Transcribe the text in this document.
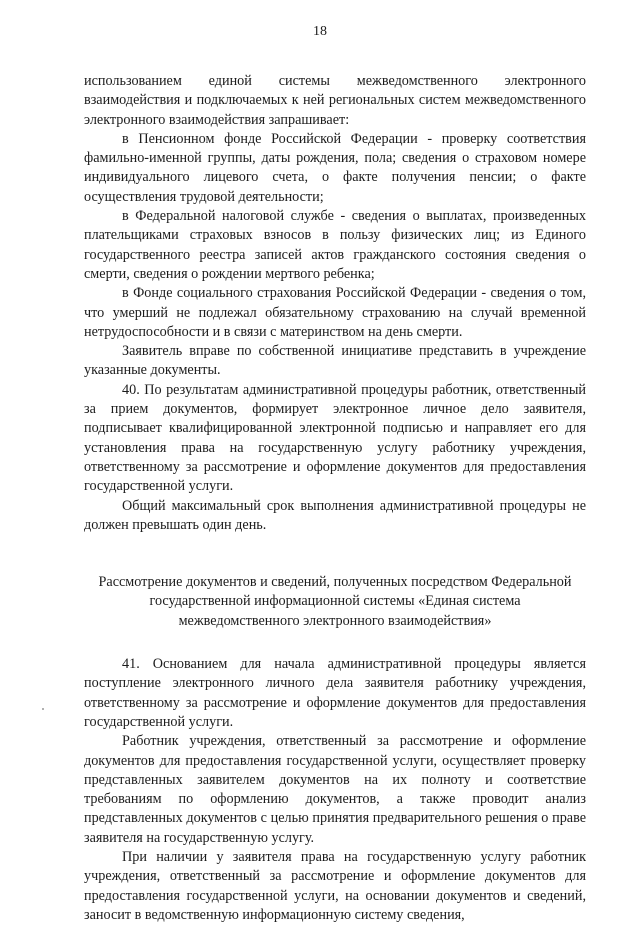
18

использованием единой системы межведомственного электронного взаимодействия и подключаемых к ней региональных систем межведомственного электронного взаимодействия запрашивает:

в Пенсионном фонде Российской Федерации - проверку соответствия фамильно-именной группы, даты рождения, пола; сведения о страховом номере индивидуального лицевого счета, о факте получения пенсии; о факте осуществления трудовой деятельности;

в Федеральной налоговой службе - сведения о выплатах, произведенных плательщиками страховых взносов в пользу физических лиц; из Единого государственного реестра записей актов гражданского состояния сведения о смерти, сведения о рождении мертвого ребенка;

в Фонде социального страхования Российской Федерации - сведения о том, что умерший не подлежал обязательному страхованию на случай временной нетрудоспособности и в связи с материнством на день смерти.

Заявитель вправе по собственной инициативе представить в учреждение указанные документы.

40. По результатам административной процедуры работник, ответственный за прием документов, формирует электронное личное дело заявителя, подписывает квалифицированной электронной подписью и направляет его для установления права на государственную услугу работнику учреждения, ответственному за рассмотрение и оформление документов для предоставления государственной услуги.

Общий максимальный срок выполнения административной процедуры не должен превышать один день.

Рассмотрение документов и сведений, полученных посредством Федеральной государственной информационной системы «Единая система межведомственного электронного взаимодействия»

41. Основанием для начала административной процедуры является поступление электронного личного дела заявителя работнику учреждения, ответственному за рассмотрение и оформление документов для предоставления государственной услуги.

Работник учреждения, ответственный за рассмотрение и оформление документов для предоставления государственной услуги, осуществляет проверку представленных заявителем документов на их полноту и соответствие требованиям по оформлению документов, а также проводит анализ представленных документов с целью принятия предварительного решения о праве заявителя на государственную услугу.

При наличии у заявителя права на государственную услугу работник учреждения, ответственный за рассмотрение и оформление документов для предоставления государственной услуги, на основании документов и сведений, заносит в ведомственную информационную систему сведения,
